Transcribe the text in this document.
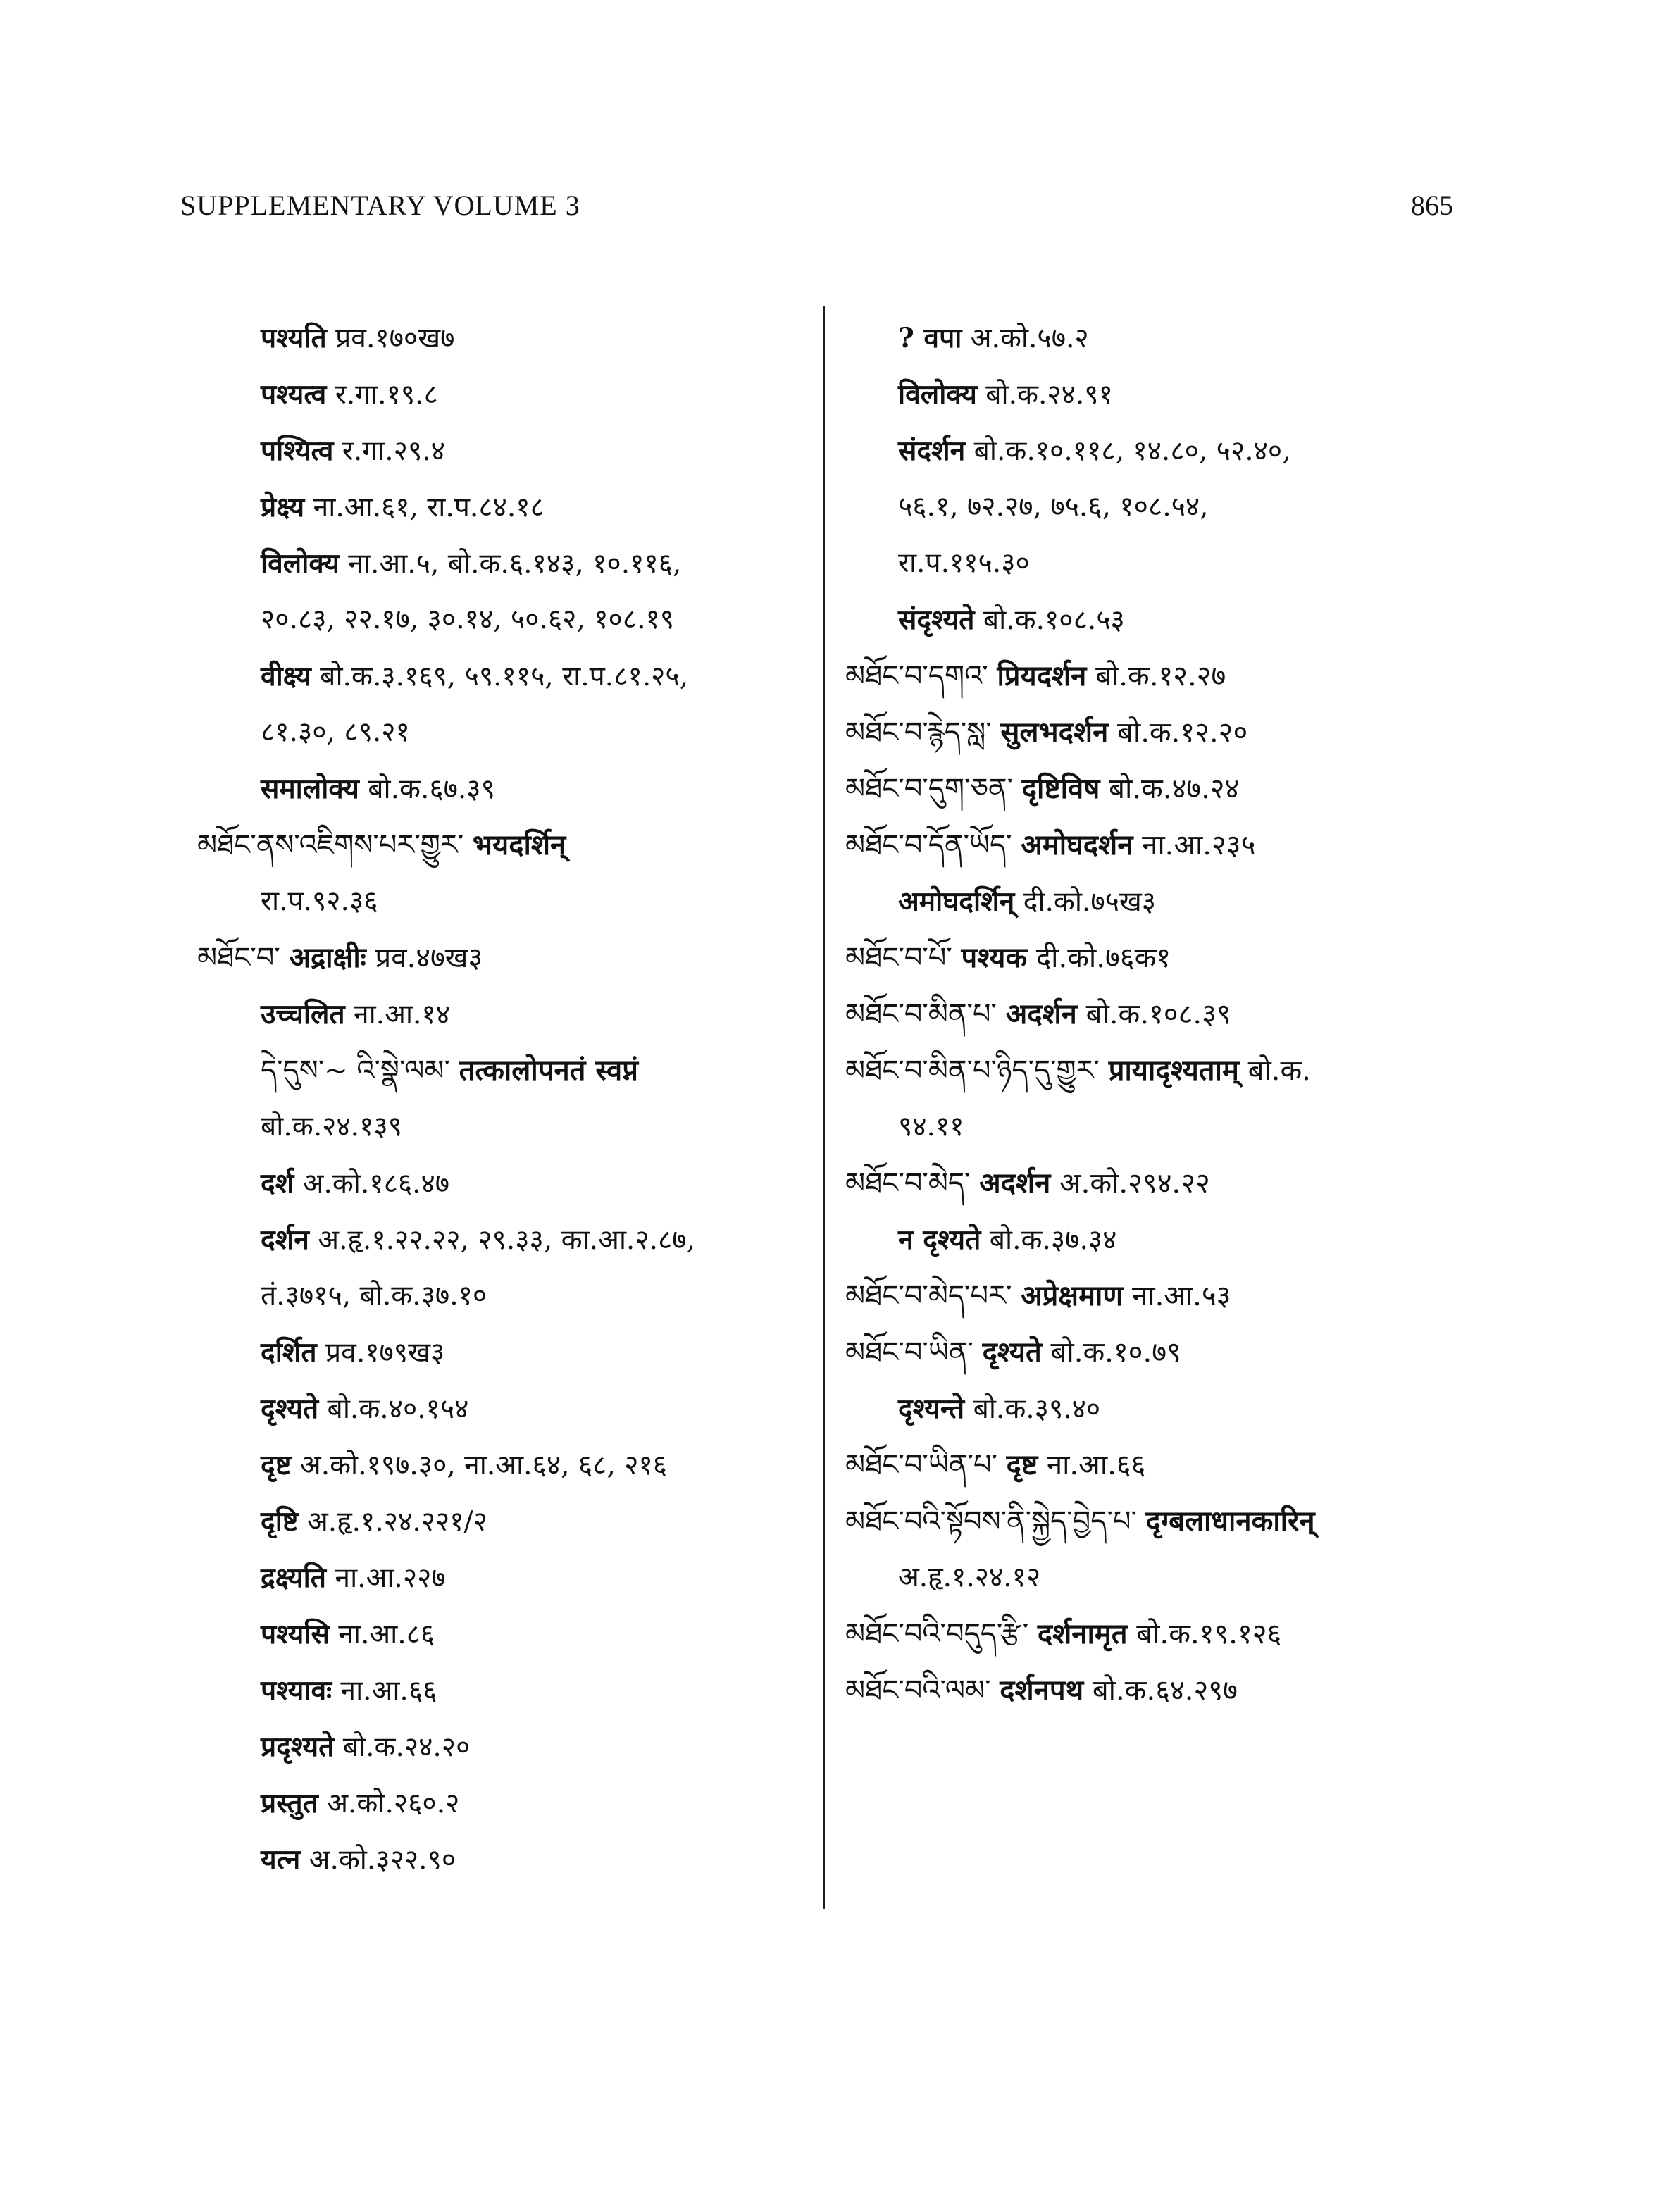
SUPPLEMENTARY VOLUME 3	865
पश्यति प्रव.१७०ख७
पश्यत्व र.गा.१९.८
पश्यित्व र.गा.२९.४
प्रेक्ष्य ना.आ.६१, रा.प.८४.१८
विलोक्य ना.आ.५, बो.क.६.१४३, १०.११६,
२०.८३, २२.१७, ३०.१४, ५०.६२, १०८.१९
वीक्ष्य बो.क.३.१६९, ५९.११५, रा.प.८१.२५,
८१.३०, ८९.२१
समालोक्य बो.क.६७.३९
མཐོང་ནས་འཇིགས་པར་གྱུར་ भयदर्शिन्
रा.प.९२.३६
མཐོང་བ་ अद्राक्षीः प्रव.४७ख३
उच्चलित ना.आ.१४
དེ་དུས་~ འི་སྣེ་ལམ་ तत्कालोपनतं स्वप्नं
बो.क.२४.१३९
दर्श अ.को.१८६.४७
दर्शन अ.हृ.१.२२.२२, २९.३३, का.आ.२.८७,
तं.३७१५, बो.क.३७.१०
दर्शित प्रव.१७९ख३
दृश्यते बो.क.४०.१५४
दृष्ट अ.को.१९७.३०, ना.आ.६४, ६८, २१६
दृष्टि अ.हृ.१.२४.२२१/२
द्रक्ष्यति ना.आ.२२७
पश्यसि ना.आ.८६
पश्यावः ना.आ.६६
प्रदृश्यते बो.क.२४.२०
प्रस्तुत अ.को.२६०.२
यत्न अ.को.३२२.९०
? वपा अ.को.५७.२
विलोक्य बो.क.२४.९१
संदर्शन बो.क.१०.११८, १४.८०, ५२.४०,
५६.१, ७२.२७, ७५.६, १०८.५४,
रा.प.११५.३०
संदृश्यते बो.क.१०८.५३
མཐོང་བ་དགའ་ प्रियदर्शन बो.क.१२.२७
མཐོང་བ་རྙེད་སླ་ सुलभदर्शन बो.क.१२.२०
མཐོང་བ་དུག་ཅན་ दृष्टिविष बो.क.४७.२४
མཐོང་བ་དོན་ཡོད་ अमोघदर्शन ना.आ.२३५
अमोघदर्शिन् दी.को.७५ख३
མཐོང་བ་པོ་ पश्यक दी.को.७६क१
མཐོང་བ་མིན་པ་ अदर्शन बो.क.१०८.३९
མཐོང་བ་མིན་པ་ཉིད་དུ་གྱུར་ प्रायादृश्यताम् बो.क.
९४.११
མཐོང་བ་མེད་ अदर्शन अ.को.२९४.२२
न दृश्यते बो.क.३७.३४
མཐོང་བ་མེད་པར་ अप्रेक्षमाण ना.आ.५३
མཐོང་བ་ཡིན་ दृश्यते बो.क.१०.७९
दृश्यन्ते बो.क.३९.४०
མཐོང་བ་ཡིན་པ་ दृष्ट ना.आ.६६
མཐོང་བའི་སྟོབས་ནི་སྐྱེད་བྱེད་པ་ दृग्बलाधानकारिन्
अ.हृ.१.२४.१२
མཐོང་བའི་བདུད་རྩི་ दर्शनामृत बो.क.१९.१२६
མཐོང་བའི་ལམ་ दर्शनपथ बो.क.६४.२९७
